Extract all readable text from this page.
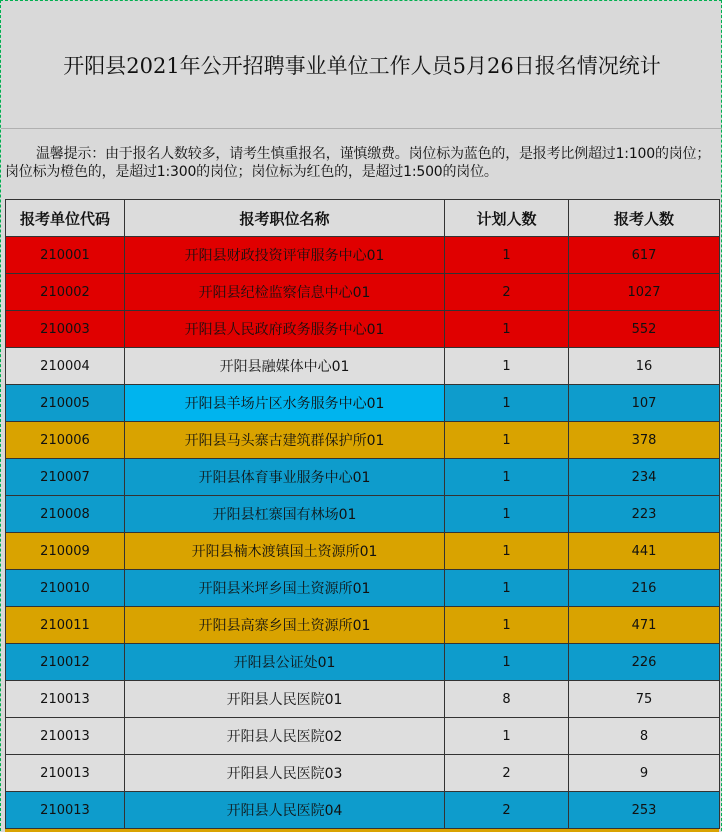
开阳县2021年公开招聘事业单位工作人员5月26日报名情况统计
温馨提示：由于报名人数较多，请考生慎重报名，谨慎缴费。岗位标为蓝色的，是报考比例超过1:100的岗位；岗位标为橙色的，是超过1:300的岗位；岗位标为红色的，是超过1:500的岗位。
报考单位代码	报考职位名称	计划人数	报考人数
210001	开阳县财政投资评审服务中心01	1	617
210002	开阳县纪检监察信息中心01	2	1027
210003	开阳县人民政府政务服务中心01	1	552
210004	开阳县融媒体中心01	1	16
210005	开阳县羊场片区水务服务中心01	1	107
210006	开阳县马头寨古建筑群保护所01	1	378
210007	开阳县体育事业服务中心01	1	234
210008	开阳县杠寨国有林场01	1	223
210009	开阳县楠木渡镇国土资源所01	1	441
210010	开阳县米坪乡国土资源所01	1	216
210011	开阳县高寨乡国土资源所01	1	471
210012	开阳县公证处01	1	226
210013	开阳县人民医院01	8	75
210013	开阳县人民医院02	1	8
210013	开阳县人民医院03	2	9
210013	开阳县人民医院04	2	253
